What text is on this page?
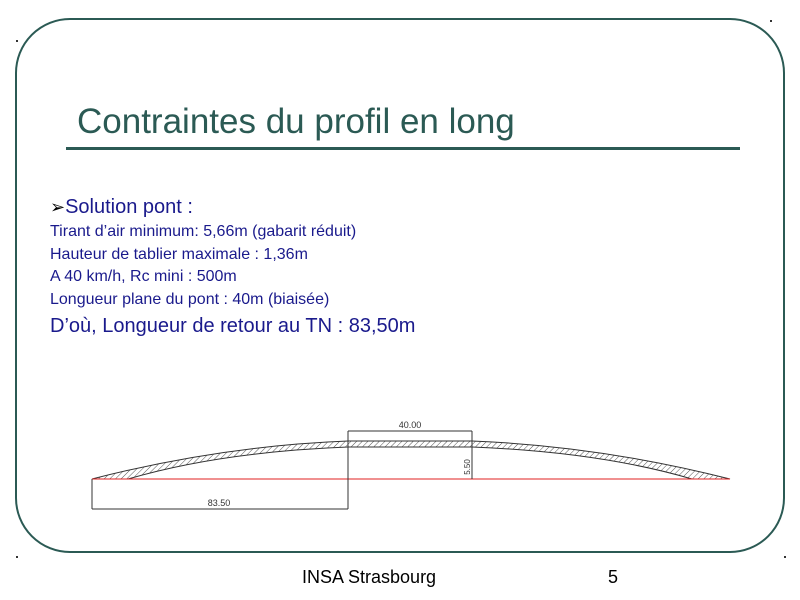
Contraintes du profil en long
➢Solution pont :
Tirant d’air minimum: 5,66m (gabarit réduit)
Hauteur de tablier maximale : 1,36m
A 40 km/h, Rc mini : 500m
Longueur plane du pont : 40m (biaisée)
D’où, Longueur de retour au TN : 83,50m
40.00
5.50
83.50
INSA Strasbourg	5
